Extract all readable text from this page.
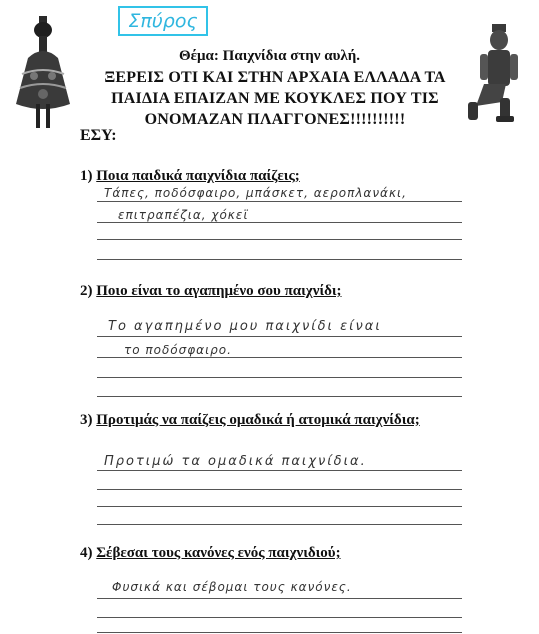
Σπύρος
Θέμα: Παιχνίδια στην αυλή.
ΞΕΡΕΙΣ ΟΤΙ ΚΑΙ ΣΤΗΝ ΑΡΧΑΙΑ ΕΛΛΑΔΑ ΤΑ
ΠΑΙΔΙΑ ΕΠΑΙΖΑΝ ΜΕ ΚΟΥΚΛΕΣ ΠΟΥ ΤΙΣ
ΟΝΟΜΑΖΑΝ ΠΛΑΓΓΟΝΕΣ!!!!!!!!!!
ΕΣΥ:
1) Ποια παιδικά παιχνίδια παίζεις;
Τάπες, ποδόσφαιρο, μπάσκετ, αεροπλανάκι,
επιτραπέζια, χόκεϊ
2) Ποιο είναι το αγαπημένο σου παιχνίδι;
Το αγαπημένο μου παιχνίδι είναι
το ποδόσφαιρο.
3) Προτιμάς να παίζεις ομαδικά ή ατομικά παιχνίδια;
Προτιμώ τα ομαδικά παιχνίδια.
4) Σέβεσαι τους κανόνες ενός παιχνιδιού;
Φυσικά και σέβομαι τους κανόνες.
